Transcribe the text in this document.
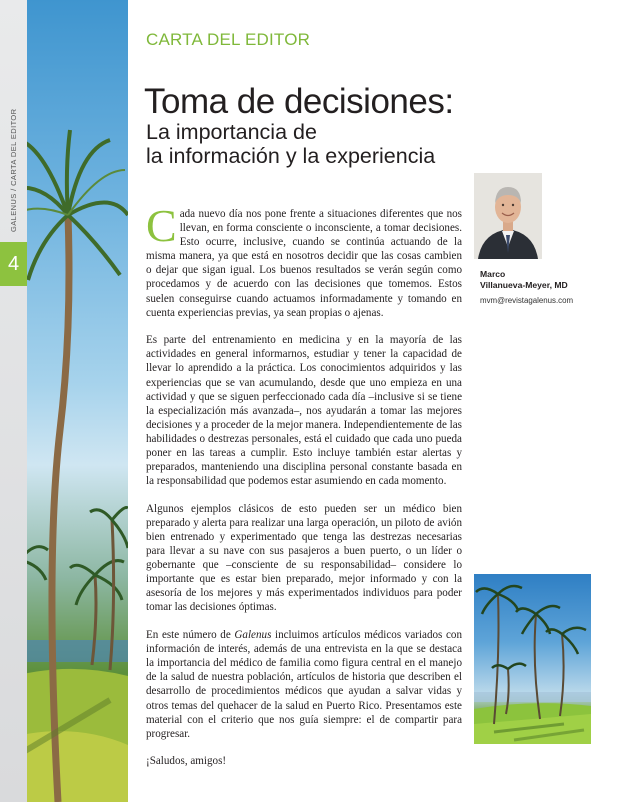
GALENUS / CARTA DEL EDITOR
4
CARTA DEL EDITOR
Toma de decisiones:
La importancia de
la información y la experiencia

Cada nuevo día nos pone frente a situaciones diferentes que nos llevan, en forma consciente o inconsciente, a tomar decisiones. Esto ocurre, inclusive, cuando se continúa actuando de la misma manera, ya que está en nosotros decidir que las cosas cambien o dejar que sigan igual. Los buenos resultados se verán según como procedamos y de acuerdo con las decisiones que tomemos. Estos suelen conseguirse cuando actuamos informadamente y tomando en cuenta experiencias previas, ya sean propias o ajenas.

Es parte del entrenamiento en medicina y en la mayoría de las actividades en general informarnos, estudiar y tener la capacidad de llevar lo aprendido a la práctica. Los conocimientos adquiridos y las experiencias que se van acumulando, desde que uno empieza en una actividad y que se siguen perfeccionado cada día –inclusive si se tiene la especialización más avanzada–, nos ayudarán a tomar las mejores decisiones y a proceder de la mejor manera. Independientemente de las habilidades o destrezas personales, está el cuidado que cada uno pueda poner en las tareas a cumplir. Esto incluye también estar alertas y preparados, manteniendo una disciplina personal constante basada en la responsabilidad que podemos estar asumiendo en cada momento.

Algunos ejemplos clásicos de esto pueden ser un médico bien preparado y alerta para realizar una larga operación, un piloto de avión bien entrenado y experimentado que tenga las destrezas necesarias para llevar a su nave con sus pasajeros a buen puerto, o un líder o gobernante que –consciente de su responsabilidad– considere lo importante que es estar bien preparado, mejor informado y con la asesoría de los mejores y más experimentados individuos para poder tomar las decisiones óptimas.

En este número de Galenus incluimos artículos médicos variados con información de interés, además de una entrevista en la que se destaca la importancia del médico de familia como figura central en el manejo de la salud de nuestra población, artículos de historia que describen el desarrollo de procedimientos médicos que ayudan a salvar vidas y otros temas del quehacer de la salud en Puerto Rico. Presentamos este material con el criterio que nos guía siempre: el de compartir para progresar.

¡Saludos, amigos!

Marco
Villanueva-Meyer, MD
mvm@revistagalenus.com
